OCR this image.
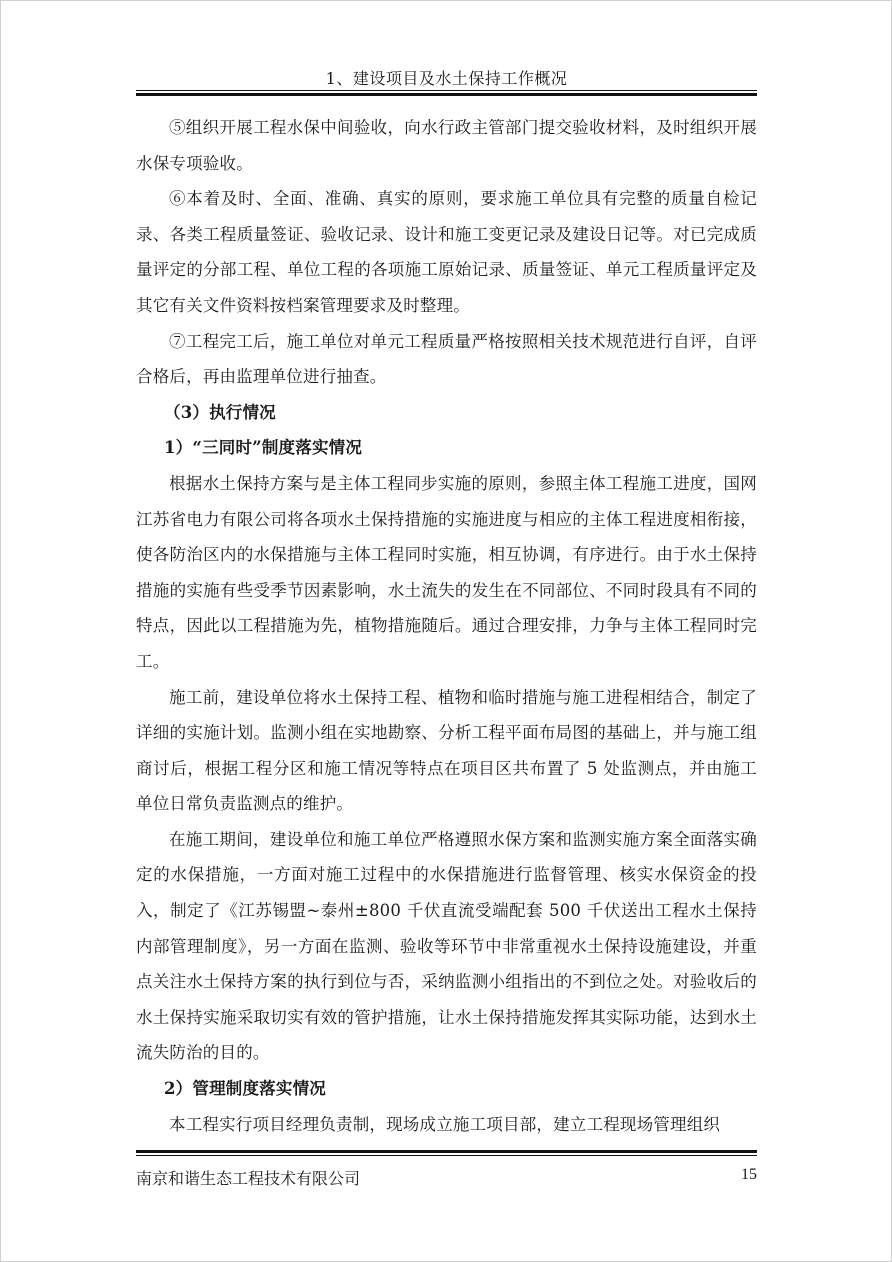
1、建设项目及水土保持工作概况

⑤组织开展工程水保中间验收，向水行政主管部门提交验收材料，及时组织开展水保专项验收。

⑥本着及时、全面、准确、真实的原则，要求施工单位具有完整的质量自检记录、各类工程质量签证、验收记录、设计和施工变更记录及建设日记等。对已完成质量评定的分部工程、单位工程的各项施工原始记录、质量签证、单元工程质量评定及其它有关文件资料按档案管理要求及时整理。

⑦工程完工后，施工单位对单元工程质量严格按照相关技术规范进行自评，自评合格后，再由监理单位进行抽查。

（3）执行情况

1）“三同时”制度落实情况

根据水土保持方案与是主体工程同步实施的原则，参照主体工程施工进度，国网江苏省电力有限公司将各项水土保持措施的实施进度与相应的主体工程进度相衔接，使各防治区内的水保措施与主体工程同时实施，相互协调，有序进行。由于水土保持措施的实施有些受季节因素影响，水土流失的发生在不同部位、不同时段具有不同的特点，因此以工程措施为先，植物措施随后。通过合理安排，力争与主体工程同时完工。

施工前，建设单位将水土保持工程、植物和临时措施与施工进程相结合，制定了详细的实施计划。监测小组在实地勘察、分析工程平面布局图的基础上，并与施工组商讨后，根据工程分区和施工情况等特点在项目区共布置了 5 处监测点，并由施工单位日常负责监测点的维护。

在施工期间，建设单位和施工单位严格遵照水保方案和监测实施方案全面落实确定的水保措施，一方面对施工过程中的水保措施进行监督管理、核实水保资金的投入，制定了《江苏锡盟~泰州±800 千伏直流受端配套 500 千伏送出工程水土保持内部管理制度》，另一方面在监测、验收等环节中非常重视水土保持设施建设，并重点关注水土保持方案的执行到位与否，采纳监测小组指出的不到位之处。对验收后的水土保持实施采取切实有效的管护措施，让水土保持措施发挥其实际功能，达到水土流失防治的目的。

2）管理制度落实情况

本工程实行项目经理负责制，现场成立施工项目部，建立工程现场管理组织

南京和谐生态工程技术有限公司	15
